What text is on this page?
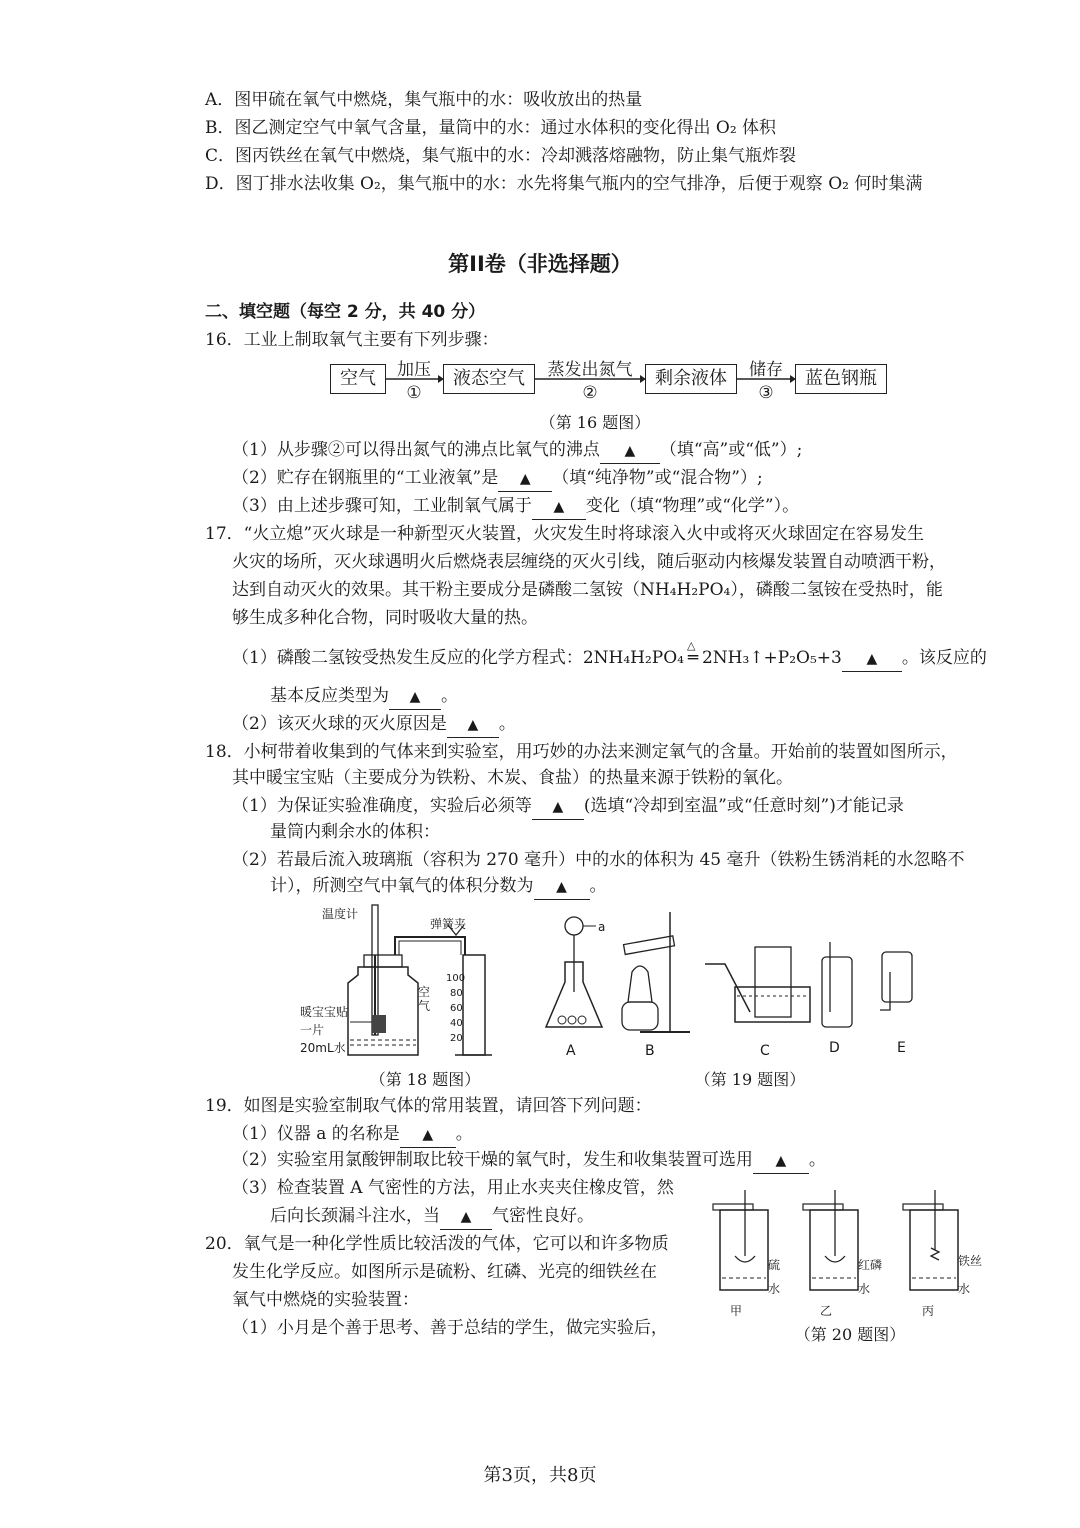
A．图甲硫在氧气中燃烧，集气瓶中的水：吸收放出的热量
B．图乙测定空气中氧气含量，量筒中的水：通过水体积的变化得出 O₂ 体积
C．图丙铁丝在氧气中燃烧，集气瓶中的水：冷却溅落熔融物，防止集气瓶炸裂
D．图丁排水法收集 O₂，集气瓶中的水：水先将集气瓶内的空气排净，后便于观察 O₂ 何时集满
第II卷（非选择题）
二、填空题（每空 2 分，共 40 分）
16．工业上制取氧气主要有下列步骤：
空气	液态空气	剩余液体	蓝色钢瓶
加压
①
蒸发出氮气
②
储存
③
（第 16 题图）
（1）从步骤②可以得出氮气的沸点比氧气的沸点 ▲ （填“高”或“低”）;
（2）贮存在钢瓶里的“工业液氧”是 ▲ （填“纯净物”或“混合物”）;
（3）由上述步骤可知，工业制氧气属于 ▲ 变化（填“物理”或“化学”）。
17．“火立熄”灭火球是一种新型灭火装置，火灾发生时将球滚入火中或将灭火球固定在容易发生
火灾的场所，灭火球遇明火后燃烧表层缠绕的灭火引线，随后驱动内核爆发装置自动喷洒干粉，
达到自动灭火的效果。其干粉主要成分是磷酸二氢铵（NH₄H₂PO₄），磷酸二氢铵在受热时，能
够生成多种化合物，同时吸收大量的热。
（1）磷酸二氢铵受热发生反应的化学方程式：2NH₄H₂PO₄
△
═ 2NH₃↑+P₂O₅+3 ▲ 。该反应的
基本反应类型为 ▲ 。
（2）该灭火球的灭火原因是 ▲ 。
18．小柯带着收集到的气体来到实验室，用巧妙的办法来测定氧气的含量。开始前的装置如图所示，
其中暖宝宝贴（主要成分为铁粉、木炭、食盐）的热量来源于铁粉的氧化。
（1）为保证实验准确度，实验后必须等 ▲ (选填“冷却到室温”或“任意时刻”)才能记录
量筒内剩余水的体积：
（2）若最后流入玻璃瓶（容积为 270 毫升）中的水的体积为 45 毫升（铁粉生锈消耗的水忽略不
计），所测空气中氧气的体积分数为 ▲ 。
温度计
弹簧夹
空气
暖宝宝贴
一片
20mL水
100
80
60
40
20
（第 18 题图）
a
A	B	C	D	E
（第 19 题图）
19．如图是实验室制取气体的常用装置，请回答下列问题：
（1）仪器 a 的名称是 ▲ 。
（2）实验室用氯酸钾制取比较干燥的氧气时，发生和收集装置可选用 ▲ 。
（3）检查装置 A 气密性的方法，用止水夹夹住橡皮管，然
后向长颈漏斗注水，当 ▲ 气密性良好。
20．氧气是一种化学性质比较活泼的气体，它可以和许多物质
发生化学反应。如图所示是硫粉、红磷、光亮的细铁丝在
氧气中燃烧的实验装置：
（1）小月是个善于思考、善于总结的学生，做完实验后，
硫
水
甲
红磷
水
乙
铁丝
水
丙
（第 20 题图）
第3页，共8页
